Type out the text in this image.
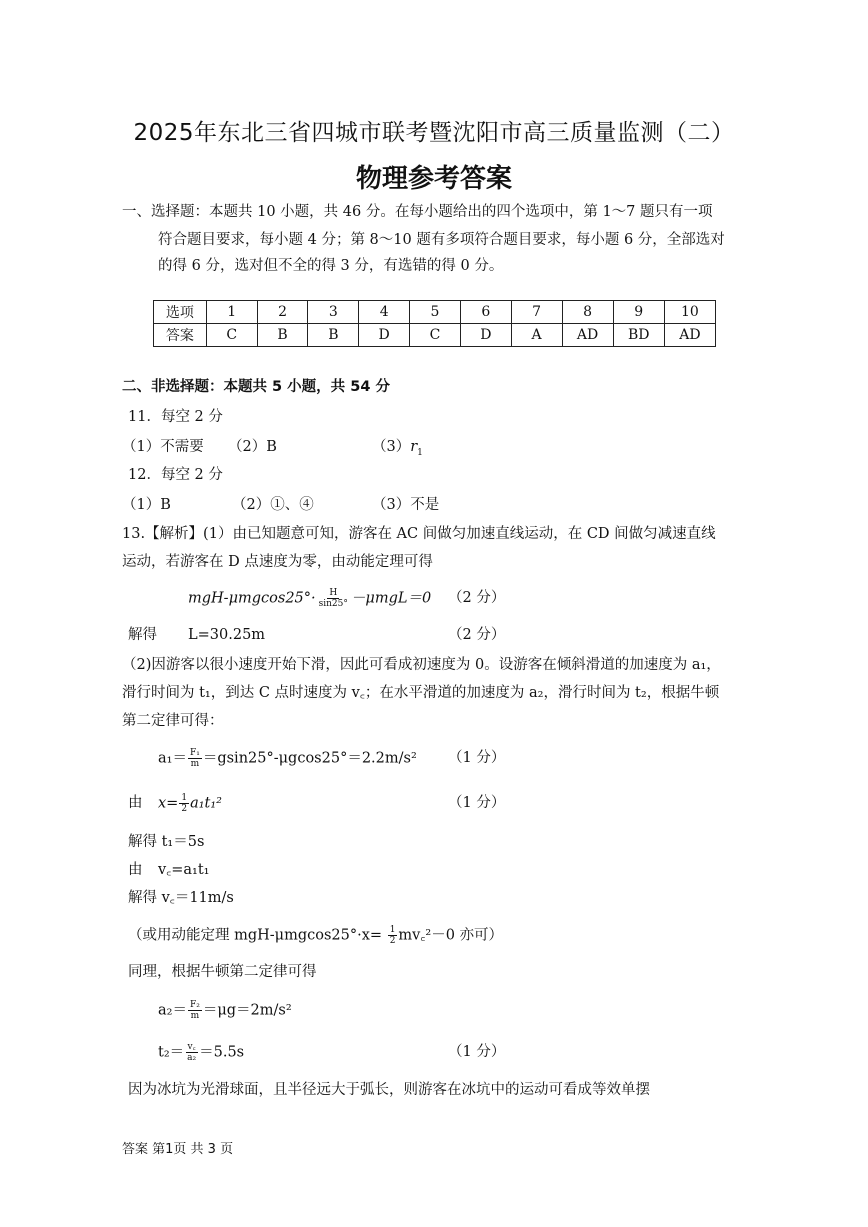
2025年东北三省四城市联考暨沈阳市高三质量监测（二）
物理参考答案
一、选择题：本题共 10 小题，共 46 分。在每小题给出的四个选项中，第 1～7 题只有一项
符合题目要求，每小题 4 分；第 8～10 题有多项符合题目要求，每小题 6 分，全部选对
的得 6 分，选对但不全的得 3 分，有选错的得 0 分。
选项	1	2	3	4	5	6	7	8	9	10
答案	C	B	B	D	C	D	A	AD	BD	AD
二、非选择题：本题共 5 小题，共 54 分
11．每空 2 分
（1）不需要 （2）B	$(3)r_1$
12．每空 2 分
（1）B	（2）①、④	（3）不是
13.【解析】(1）由已知题意可知，游客在 AC 间做匀加速直线运动，在 CD 间做匀减速直线
运动，若游客在 D 点速度为零，由动能定理可得
$mgH-\mu mgcos25^\circ\cdot \frac{H}{\sin 25^\circ} -\mu mgL=0$ （2 分）
解得 L=30.25m	（2 分）
（2)因游客以很小速度开始下滑，因此可看成初速度为 0。设游客在倾斜滑道的加速度为 a₁，
滑行时间为 t₁，到达 C 点时速度为 v꜀；在水平滑道的加速度为 a₂，滑行时间为 t₂，根据牛顿
第二定律可得：
$a_1= \frac{\text{F₁}}{m} =gsin25^\circ-\mu gcos25^\circ=2.2m/s^2$ （1 分）
由 $x= \frac{1}{2} a_1t_1^2$	（1 分）
解得 t₁＝5s
由 v꜀=a₁t₁
解得 v꜀＝11m/s
（或用动能定理 $mgH-\mu mgcos25^\circ\cdot x= \frac{1}{2}$ mv꜀²－0 亦可）
同理，根据牛顿第二定律可得
$a_2= \frac{\text{F₂}}{m} =\mu g=2m/s^2$
$t_2= \frac{v꜀}{\text{a₂}} =5.5s$	（1 分）
因为冰坑为光滑球面，且半径远大于弧长，则游客在冰坑中的运动可看成等效单摆
答案 第1页 共 3 页
